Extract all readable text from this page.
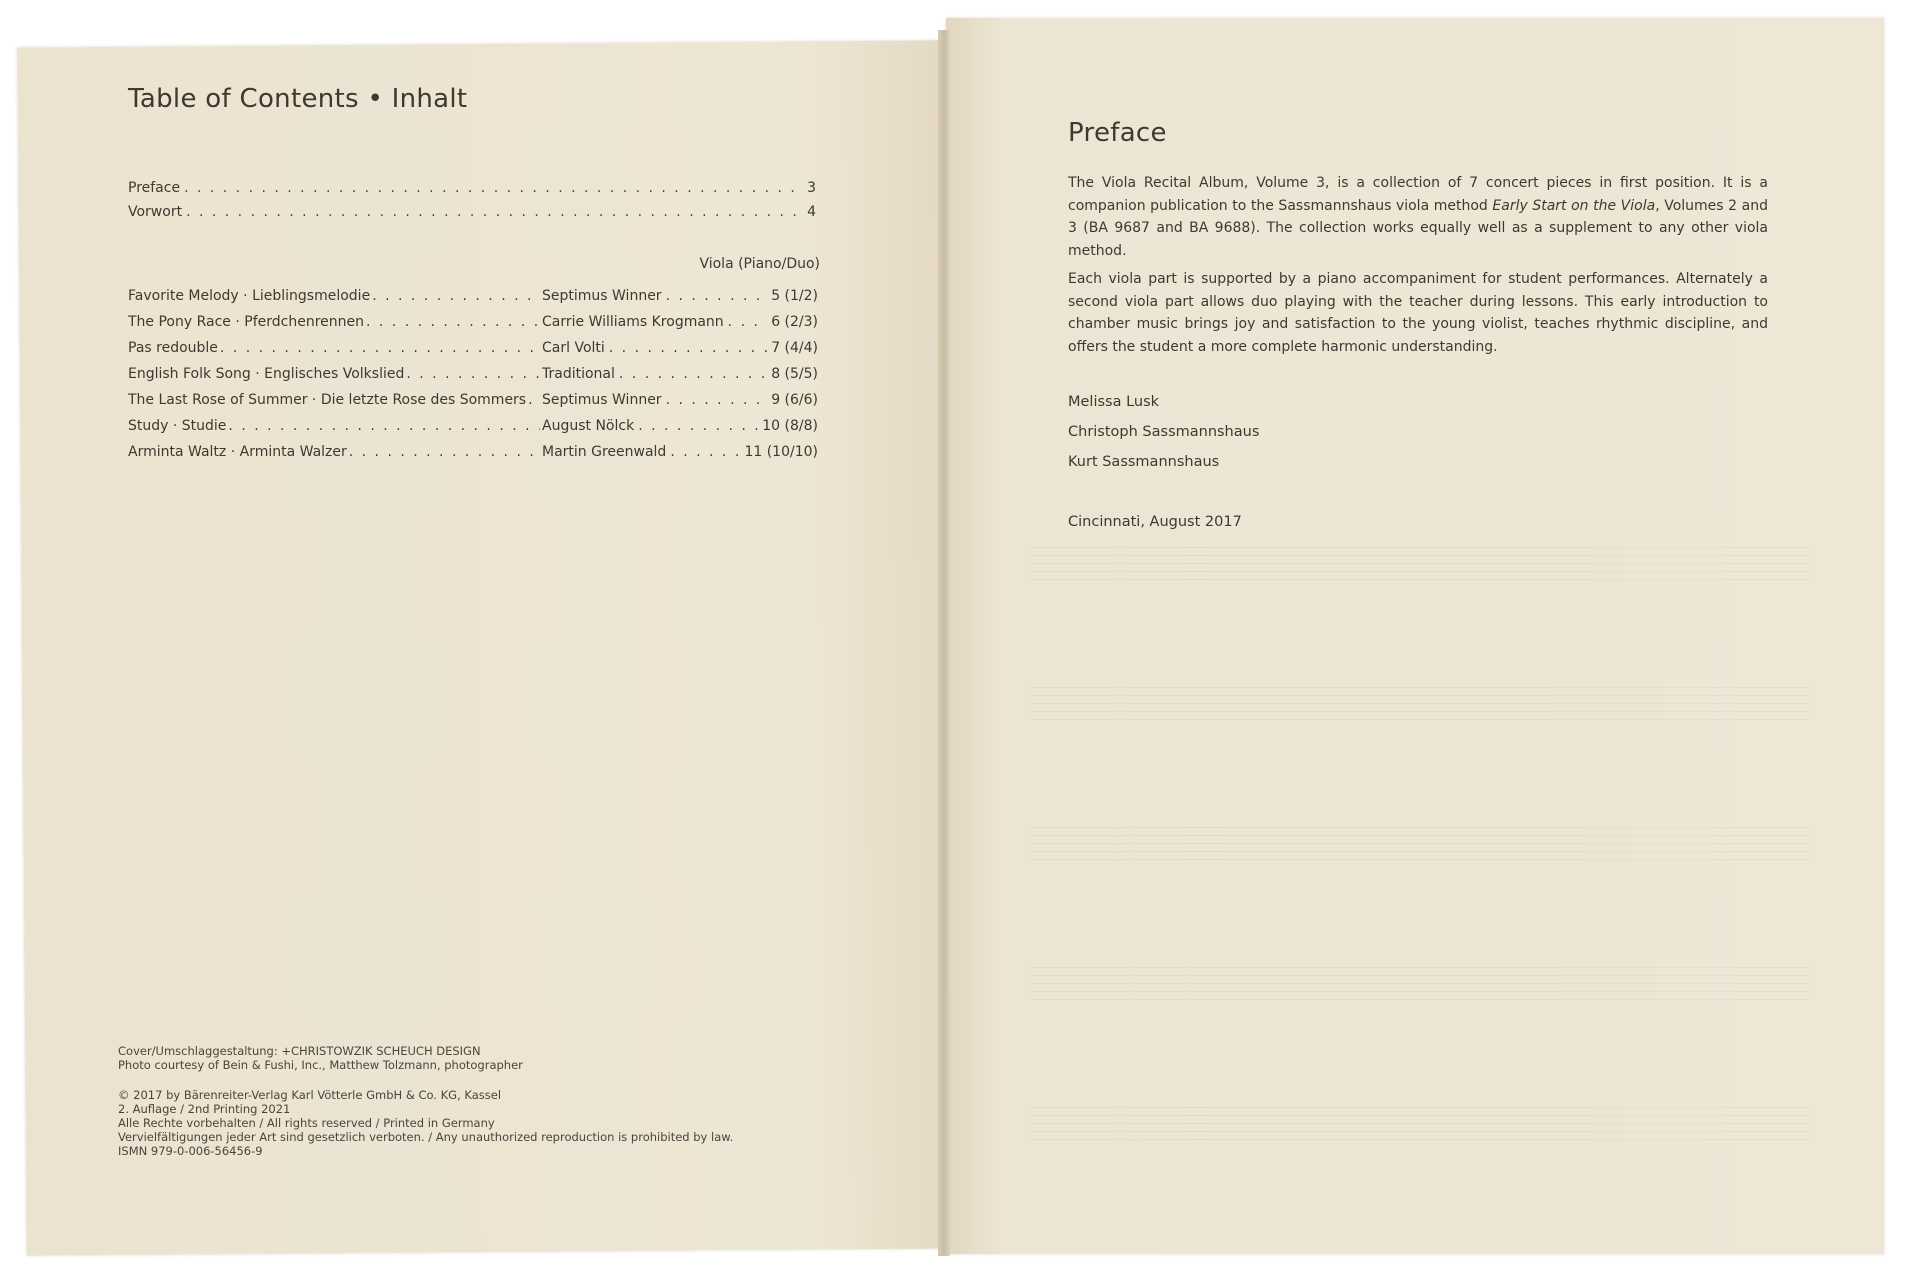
Table of Contents • Inhalt
Preface . . .	3
Vorwort . . .	4
Viola (Piano/Duo)
Favorite Melody · Lieblingsmelodie . . .	Septimus Winner . . .	5 (1/2)
The Pony Race · Pferdchenrennen . . .	Carrie Williams Krogmann . . .	6 (2/3)
Pas redouble . . .	Carl Volti . . .	7 (4/4)
English Folk Song · Englisches Volkslied . . .	Traditional . . .	8 (5/5)
The Last Rose of Summer · Die letzte Rose des Sommers . . . Septimus Winner . . .	9 (6/6)
Study · Studie . . .	August Nölck . . .	10 (8/8)
Arminta Waltz · Arminta Walzer . . .	Martin Greenwald . . .	11 (10/10)
Cover/Umschlaggestaltung: +CHRISTOWZIK SCHEUCH DESIGN
Photo courtesy of Bein & Fushi, Inc., Matthew Tolzmann, photographer
© 2017 by Bärenreiter-Verlag Karl Vötterle GmbH & Co. KG, Kassel
2. Auflage / 2nd Printing 2021
Alle Rechte vorbehalten / All rights reserved / Printed in Germany
Vervielfältigungen jeder Art sind gesetzlich verboten. / Any unauthorized reproduction is prohibited by law.
ISMN 979-0-006-56456-9
Preface
The Viola Recital Album, Volume 3, is a collection of 7 concert pieces in first position. It is a companion publication to the Sassmannshaus viola method Early Start on the Viola, Volumes 2 and 3 (BA 9687 and BA 9688). The collection works equally well as a supplement to any other viola method.
Each viola part is supported by a piano accompaniment for student performances. Alternately a second viola part allows duo playing with the teacher during lessons. This early introduction to chamber music brings joy and satisfaction to the young violist, teaches rhythmic discipline, and offers the student a more complete harmonic understanding.
Melissa Lusk
Christoph Sassmannshaus
Kurt Sassmannshaus
Cincinnati, August 2017
